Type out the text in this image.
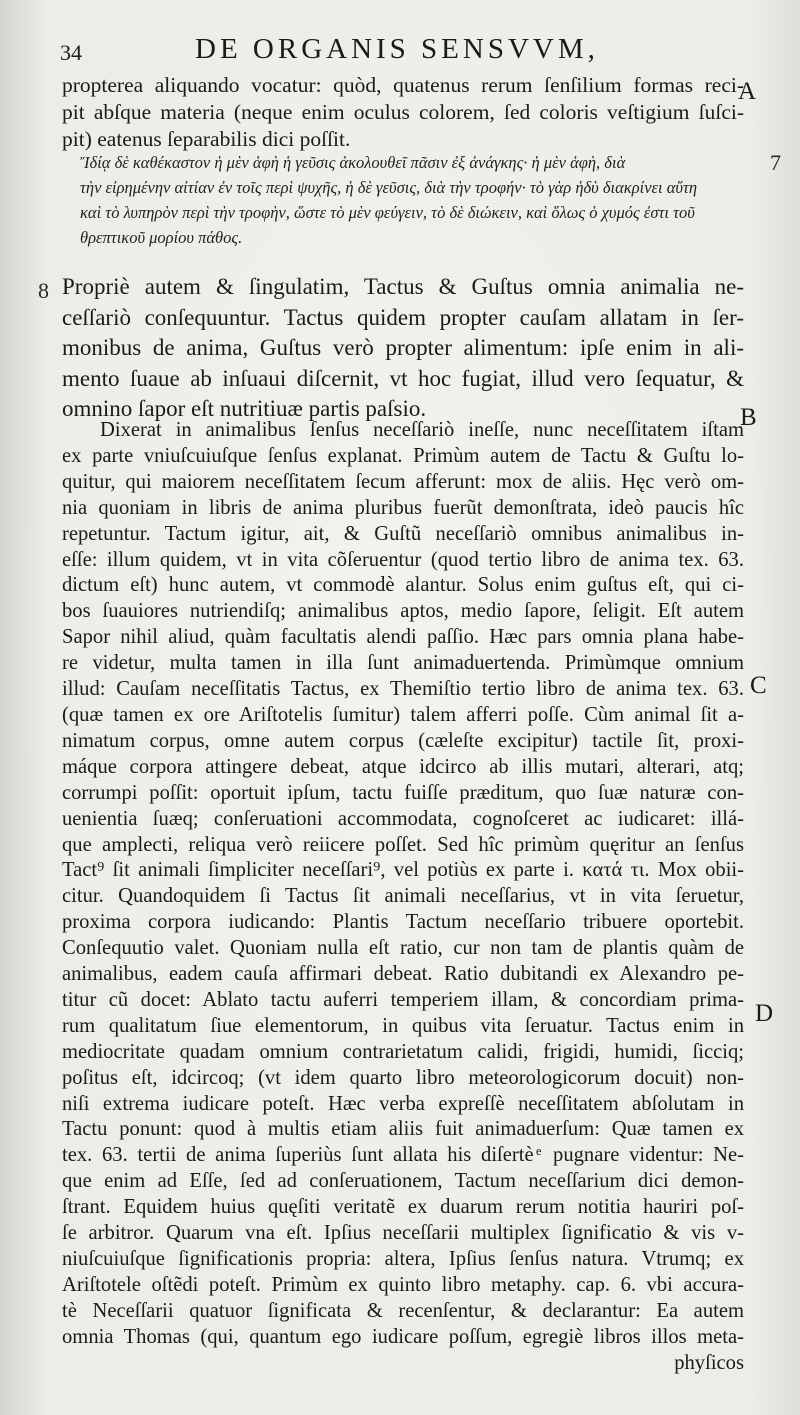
34	DE ORGANIS SENSVVM,
A
7
8
B
C
D
propterea aliquando vocatur: quòd, quatenus rerum ſenſilium formas reci-
pit abſque materia (neque enim oculus colorem, ſed coloris veſtigium ſuſci-
pit) eatenus ſeparabilis dici poſſit.
Ἴδίᾳ δὲ καθέκαστον ἡ μὲν ἁφὴ ἡ γεῦσις ἀκολουθεῖ πᾶσιν ἐξ ἀνάγκης· ἡ μὲν ἁφὴ, διὰ
τὴν εἰρημένην αἰτίαν ἐν τοῖς περὶ ψυχῆς, ἡ δὲ γεῦσις, διὰ τὴν τροφήν· τὸ γὰρ ἡδὺ διακρίνει αὕτη
καὶ τὸ λυπηρὸν περὶ τὴν τροφὴν, ὥστε τὸ μὲν φεύγειν, τὸ δὲ διώκειν, καὶ ὅλως ὁ χυμός ἐστι τοῦ
θρεπτικοῦ μορίου πάθος.
Propriè autem & ſingulatim, Tactus & Guſtus omnia animalia ne-
ceſſariò conſequuntur. Tactus quidem propter cauſam allatam in ſer-
monibus de anima, Guſtus verò propter alimentum: ipſe enim in ali-
mento ſuaue ab inſuaui diſcernit, vt hoc fugiat, illud vero ſequatur, &
omnino ſapor eſt nutritiuæ partis paſsio.
Dixerat in animalibus ſenſus neceſſariò ineſſe, nunc neceſſitatem iſtam
ex parte vniuſcuiuſque ſenſus explanat. Primùm autem de Tactu & Guſtu lo-
quitur, qui maiorem neceſſitatem ſecum afferunt: mox de aliis. Hęc verò om-
nia quoniam in libris de anima pluribus fuerũt demonſtrata, ideò paucis hîc
repetuntur. Tactum igitur, ait, & Guſtũ neceſſariò omnibus animalibus in-
eſſe: illum quidem, vt in vita cõſeruentur (quod tertio libro de anima tex. 63.
dictum eſt) hunc autem, vt commodè alantur. Solus enim guſtus eſt, qui ci-
bos ſuauiores nutriendiſq; animalibus aptos, medio ſapore, ſeligit. Eſt autem
Sapor nihil aliud, quàm facultatis alendi paſſio. Hæc pars omnia plana habe-
re videtur, multa tamen in illa ſunt animaduertenda. Primùmque omnium
illud: Cauſam neceſſitatis Tactus, ex Themiſtio tertio libro de anima tex. 63.
(quæ tamen ex ore Ariſtotelis ſumitur) talem afferri poſſe. Cùm animal ſit a-
nimatum corpus, omne autem corpus (cæleſte excipitur) tactile ſit, proxi-
máque corpora attingere debeat, atque idcirco ab illis mutari, alterari, atq;
corrumpi poſſit: oportuit ipſum, tactu fuiſſe præditum, quo ſuæ naturæ con-
uenientia ſuæq; conſeruationi accommodata, cognoſceret ac iudicaret: illá-
que amplecti, reliqua verò reiicere poſſet. Sed hîc primùm quęritur an ſenſus
Tact⁹ ſit animali ſimpliciter neceſſari⁹, vel potiùs ex parte i. κατά τι. Mox obii-
citur. Quandoquidem ſi Tactus ſit animali neceſſarius, vt in vita ſeruetur,
proxima corpora iudicando: Plantis Tactum neceſſario tribuere oportebit.
Conſequutio valet. Quoniam nulla eſt ratio, cur non tam de plantis quàm de
animalibus, eadem cauſa affirmari debeat. Ratio dubitandi ex Alexandro pe-
titur cũ docet: Ablato tactu auferri temperiem illam, & concordiam prima-
rum qualitatum ſiue elementorum, in quibus vita ſeruatur. Tactus enim in
mediocritate quadam omnium contrarietatum calidi, frigidi, humidi, ſicciq;
poſitus eſt, idcircoq; (vt idem quarto libro meteorologicorum docuit) non-
niſi extrema iudicare poteſt. Hæc verba expreſſè neceſſitatem abſolutam in
Tactu ponunt: quod à multis etiam aliis fuit animaduerſum: Quæ tamen ex
tex. 63. tertii de anima ſuperiùs ſunt allata his diſertè ͤ pugnare videntur: Ne-
que enim ad Eſſe, ſed ad conſeruationem, Tactum neceſſarium dici demon-
ſtrant. Equidem huius quęſiti veritatẽ ex duarum rerum notitia hauriri poſ-
ſe arbitror. Quarum vna eſt. Ipſius neceſſarii multiplex ſignificatio & vis v-
niuſcuiuſque ſignificationis propria: altera, Ipſius ſenſus natura. Vtrumq; ex
Ariſtotele oſtẽdi poteſt. Primùm ex quinto libro metaphy. cap. 6. vbi accura-
tè Neceſſarii quatuor ſignificata & recenſentur, & declarantur: Ea autem
omnia Thomas (qui, quantum ego iudicare poſſum, egregiè libros illos meta-
phyſicos
